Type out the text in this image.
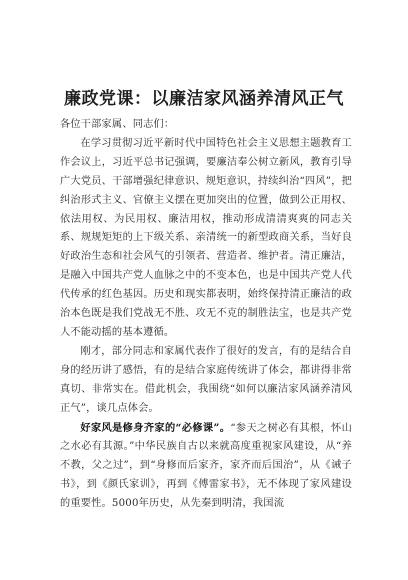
廉政党课：以廉洁家风涵养清风正气

各位干部家属、同志们：

在学习贯彻习近平新时代中国特色社会主义思想主题教育工作会议上，习近平总书记强调，要廉洁奉公树立新风，教育引导广大党员、干部增强纪律意识、规矩意识，持续纠治“四风”，把纠治形式主义、官僚主义摆在更加突出的位置，做到公正用权、依法用权、为民用权、廉洁用权，推动形成清清爽爽的同志关系、规规矩矩的上下级关系、亲清统一的新型政商关系，当好良好政治生态和社会风气的引领者、营造者、维护者。清正廉洁，是融入中国共产党人血脉之中的不变本色，也是中国共产党人代代传承的红色基因。历史和现实都表明，始终保持清正廉洁的政治本色既是我们党战无不胜、攻无不克的制胜法宝，也是共产党人不能动摇的基本遵循。

刚才，部分同志和家属代表作了很好的发言，有的是结合自身的经历讲了感悟，有的是结合家庭传统讲了体会，都讲得非常真切、非常实在。借此机会，我围绕“如何以廉洁家风涵养清风正气”，谈几点体会。

好家风是修身齐家的“必修课”。“参天之树必有其根，怀山之水必有其源。”中华民族自古以来就高度重视家风建设，从“养不教，父之过”，到“身修而后家齐，家齐而后国治”，从《诫子书》，到《颜氏家训》，再到《傅雷家书》，无不体现了家风建设的重要性。5000年历史，从先秦到明清，我国流
